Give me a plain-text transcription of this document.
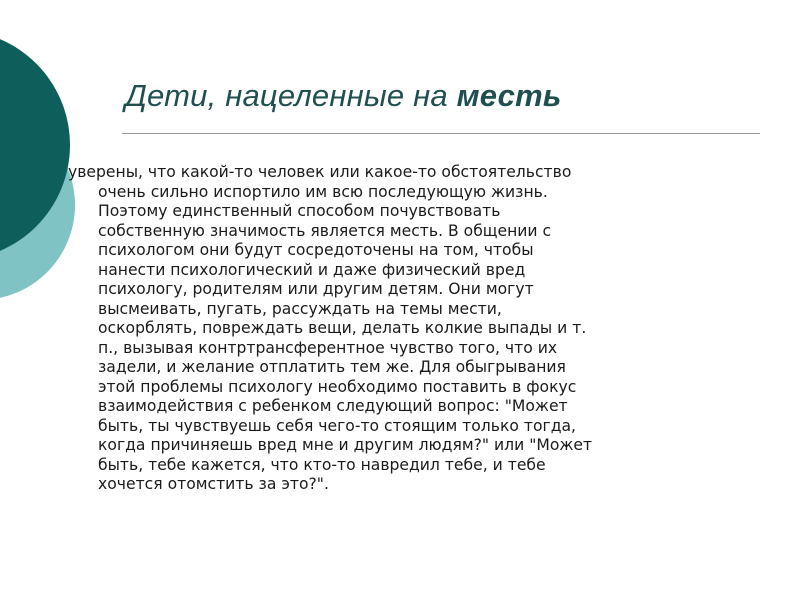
Дети, нацеленные на месть
уверены, что какой-то человек или какое-то обстоятельство
очень сильно испортило им всю последующую жизнь.
Поэтому единственный способом почувствовать
собственную значимость является месть. В общении с
психологом они будут сосредоточены на том, чтобы
нанести психологический и даже физический вред
психологу, родителям или другим детям. Они могут
высмеивать, пугать, рассуждать на темы мести,
оскорблять, повреждать вещи, делать колкие выпады и т.
п., вызывая контртрансферентное чувство того, что их
задели, и желание отплатить тем же. Для обыгрывания
этой проблемы психологу необходимо поставить в фокус
взаимодействия с ребенком следующий вопрос: "Может
быть, ты чувствуешь себя чего-то стоящим только тогда,
когда причиняешь вред мне и другим людям?" или "Может
быть, тебе кажется, что кто-то навредил тебе, и тебе
хочется отомстить за это?".
